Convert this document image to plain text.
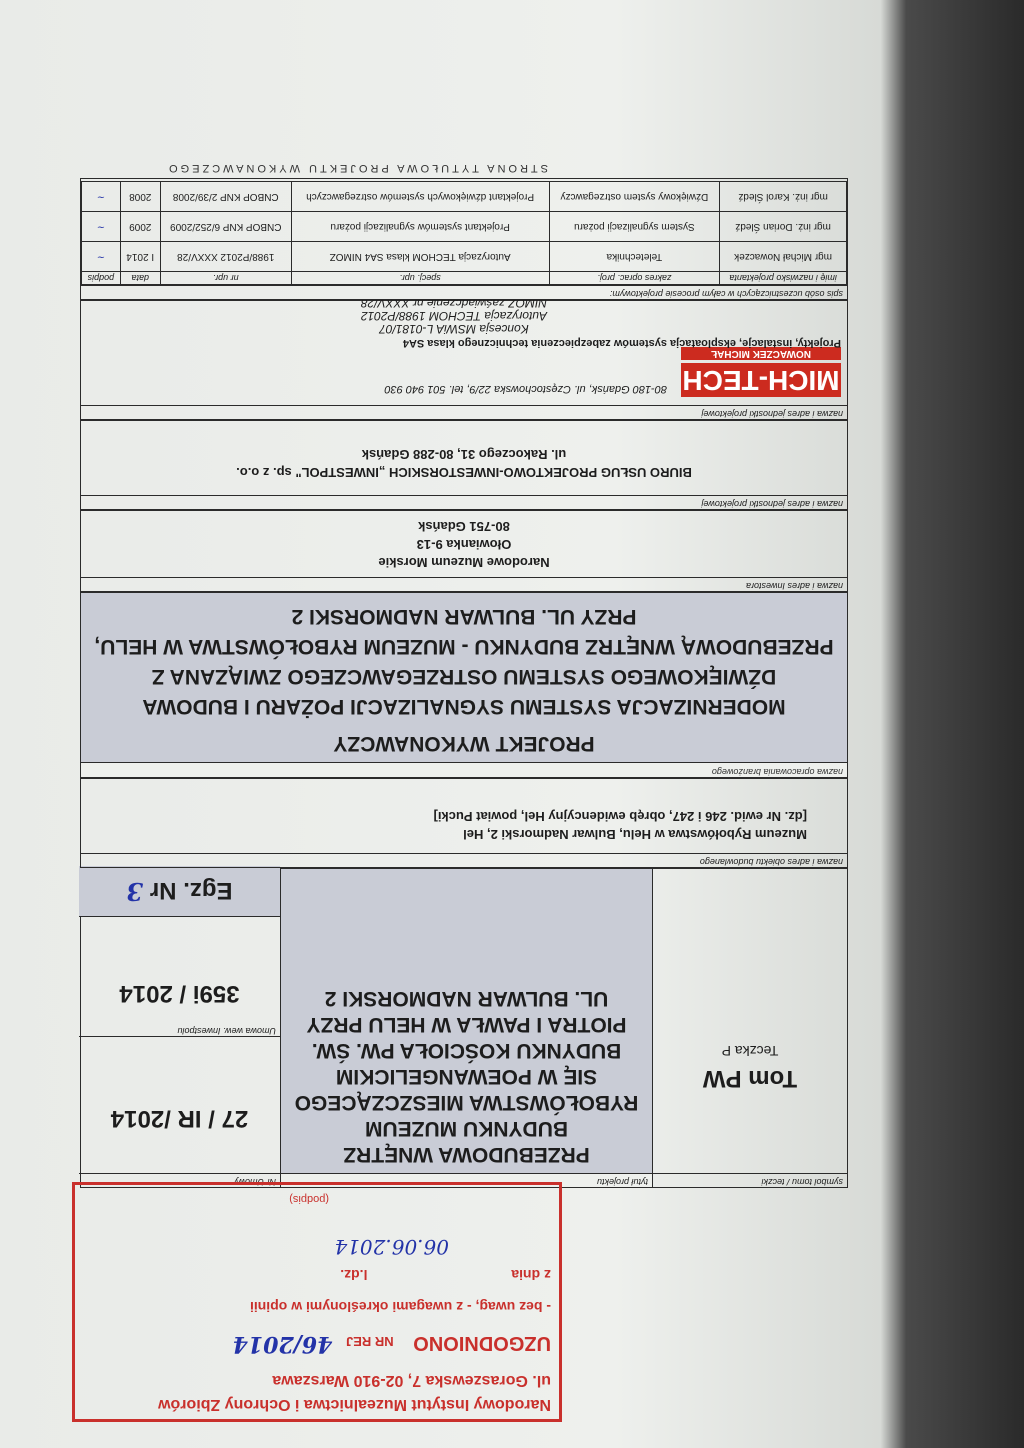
symbol tomu / teczki
Tom PW
Teczka P
tytuł projektu
PRZEBUDOWA WNĘTRZ BUDYNKU MUZEUM RYBOŁÓWSTWA MIESZCZĄCEGO SIĘ W POEWANGELICKIM BUDYNKU KOŚCIOŁA PW. ŚW. PIOTRA I PAWŁA W HELU PRZY UL. BULWAR NADMORSKI 2
Nr Umowy
27 / IR /2014
Umowa wew. Inwestpolu
359i / 2014
Egz. Nr 3
nazwa i adres obiektu budowlanego
Muzeum Rybołówstwa w Helu, Bulwar Nadmorski 2, Hel
[dz. Nr ewid. 246 i 247, obręb ewidencyjny Hel, powiat Pucki]
nazwa opracowania branżowego
PROJEKT WYKONAWCZY
MODERNIZACJA SYSTEMU SYGNALIZACJI POŻARU I BUDOWA DŹWIĘKOWEGO SYSTEMU OSTRZEGAWCZEGO ZWIĄZANA Z PRZEBUDOWĄ WNĘTRZ BUDYNKU - MUZEUM RYBOŁÓWSTWA W HELU, PRZY UL. BULWAR NADMORSKI 2
nazwa i adres Inwestora
Narodowe Muzeum Morskie
Ołowianka 9-13
80-751 Gdańsk
nazwa i adres jednostki projektowej
BIURO USŁUG PROJEKTOWO-INWESTORSKICH „INWESTPOL" sp. z o.o.
ul. Rakoczego 31, 80-288 Gdańsk
nazwa i adres jednostki projektowej
MICH-TECH
NOWACZEK MICHAŁ
80-180 Gdańsk, ul. Częstochowska 22/9, tel. 501 940 930
Projekty, instalacje, eksploatacja systemów zabezpieczenia technicznego klasa SA4
Koncesja MSWiA L-0181/07
Autoryzacja TECHOM 1988/P2012
NIMOZ zaświadczenie nr XXXV/28
spis osób uczestniczących w całym procesie projektowym:
imię i nazwisko projektanta	zakres oprac. proj.	specj. upr.	nr upr.	data	podpis
mgr Michał Nowaczek	Teletechnika	Autoryzacja TECHOM klasa SA4 NIMOZ	1988/P2012 XXXV/28	I 2014	~
mgr inż. Dorian Śledź	System sygnalizacji pożaru	Projektant systemów sygnalizacji pożaru	CNBOP KNP 6/252/2009	2009	~
mgr inż. Karol Śledź	Dźwiękowy system ostrzegawczy	Projektant dźwiękowych systemów ostrzegawczych	CNBOP KNP 2/39/2008	2008	~
STRONA TYTUŁOWA PROJEKTU WYKONAWCZEGO
Narodowy Instytut Muzealnictwa i Ochrony Zbiorów
ul. Goraszewska 7, 02-910 Warszawa
UZGODNIONO NR REJ 46/2014
- bez uwag, - z uwagami określonymi w opinii
z dnia l.dz.
06.06.2014
(podpis)
